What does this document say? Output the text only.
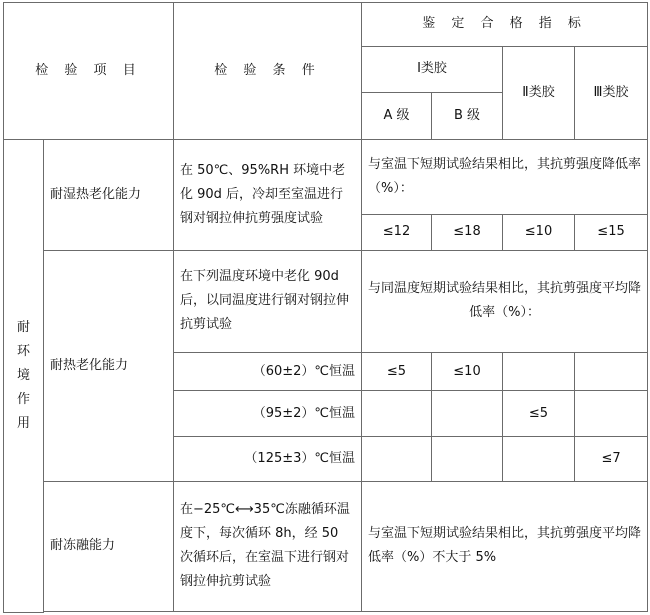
检 验 项 目		检 验 条 件	鉴 定 合 格 指 标			
			Ⅰ类胶		Ⅱ类胶	Ⅲ类胶
			A 级	B 级		

耐
环
境
作
用	耐湿热老化能力	在 50℃、95%RH 环境中老化 90d 后，冷却至室温进行钢对钢拉伸抗剪强度试验	与室温下短期试验结果相比，其抗剪强度降低率（%）：			
			≤12	≤18	≤10	≤15
	耐热老化能力	在下列温度环境中老化 90d 后，以同温度进行钢对钢拉伸抗剪试验	与同温度短期试验结果相比，其抗剪强度平均降低率（%）：			
		（60±2）℃恒温	≤5	≤10		
		（95±2）℃恒温			≤5	
		（125±3）℃恒温				≤7
	耐冻融能力	在−25℃⟷35℃冻融循环温度下，每次循环 8h，经 50 次循环后，在室温下进行钢对钢拉伸抗剪试验	与室温下短期试验结果相比，其抗剪强度平均降低率（%）不大于 5%			
